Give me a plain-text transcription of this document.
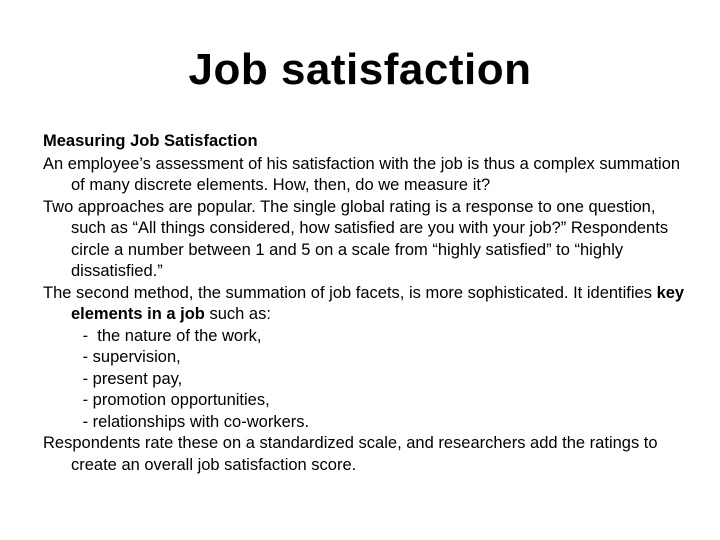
Job satisfaction

Measuring Job Satisfaction

An employee’s assessment of his satisfaction with the job is thus a complex summation of many discrete elements. How, then, do we measure it?

Two approaches are popular. The single global rating is a response to one question, such as “All things considered, how satisfied are you with your job?” Respondents circle a number between 1 and 5 on a scale from “highly satisfied” to “highly dissatisfied.”

The second method, the summation of job facets, is more sophisticated. It identifies key elements in a job such as:

-  the nature of the work,

- supervision,

- present pay,

- promotion opportunities,

- relationships with co-workers.

Respondents rate these on a standardized scale, and researchers add the ratings to create an overall job satisfaction score.
